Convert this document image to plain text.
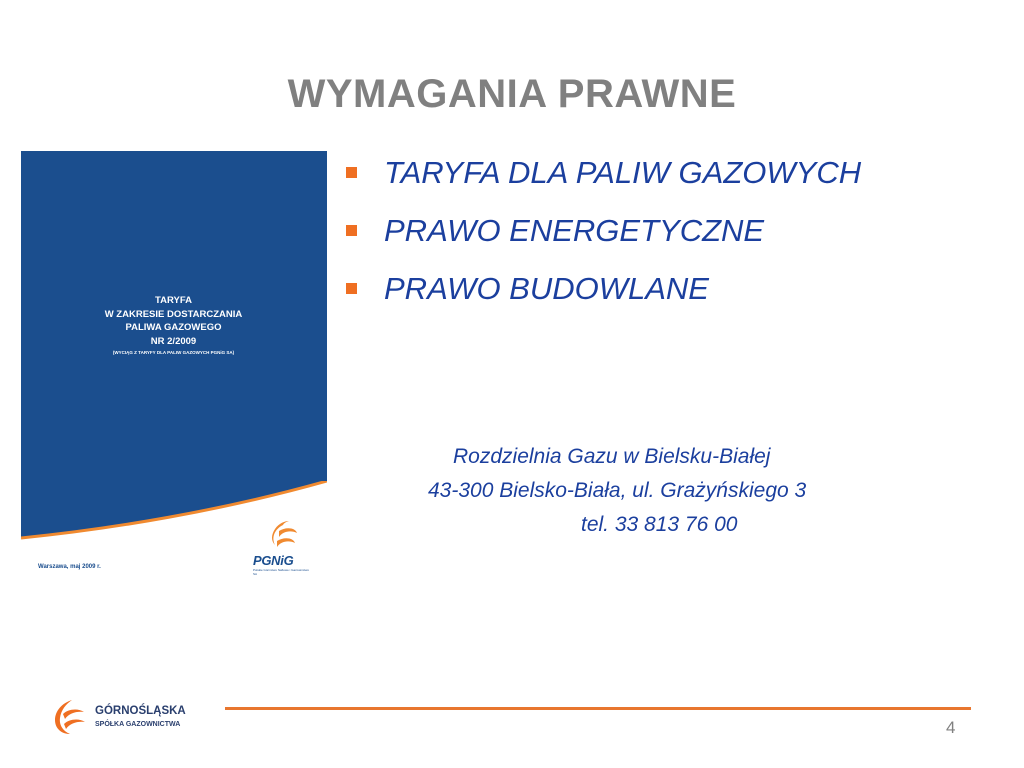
WYMAGANIA PRAWNE
TARYFA
W ZAKRESIE DOSTARCZANIA
PALIWA GAZOWEGO
NR 2/2009
(WYCIĄG Z TARYFY DLA PALIW GAZOWYCH PGNiG SA)
PGNiG
Polskie Górnictwo Naftowe i Gazownictwo SA
Warszawa, maj 2009 r.
TARYFA DLA PALIW GAZOWYCH
PRAWO ENERGETYCZNE
PRAWO BUDOWLANE
Rozdzielnia Gazu w Bielsku-Białej
43-300 Bielsko-Biała, ul. Grażyńskiego 3
tel. 33 813 76 00
GÓRNOŚLĄSKA
SPÓŁKA GAZOWNICTWA	4
